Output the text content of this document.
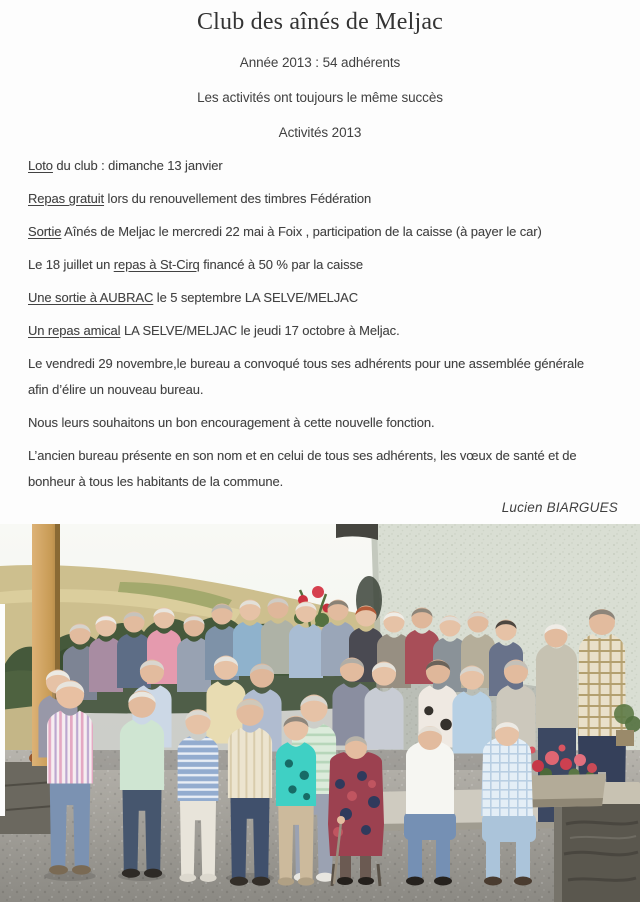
Club des aînés de Meljac
Année 2013 : 54 adhérents
Les activités ont toujours le même succès
Activités 2013

Loto du club : dimanche 13 janvier

Repas gratuit lors du renouvellement des timbres Fédération

Sortie Aînés de Meljac le mercredi 22 mai à Foix , participation de la caisse (à payer le car)

Le 18 juillet un repas à St-Cirq financé à 50 % par la caisse

Une sortie à AUBRAC le 5 septembre LA SELVE/MELJAC

Un repas amical LA SELVE/MELJAC le jeudi 17 octobre à Meljac.

Le vendredi 29 novembre,le bureau a convoqué tous ses adhérents pour une assemblée générale afin d’élire un nouveau bureau.

Nous leurs souhaitons un bon encouragement à cette nouvelle fonction.

L’ancien bureau présente en son nom et en celui de tous ses adhérents, les vœux de santé et de bonheur à tous les habitants de la commune.

Lucien BIARGUES
